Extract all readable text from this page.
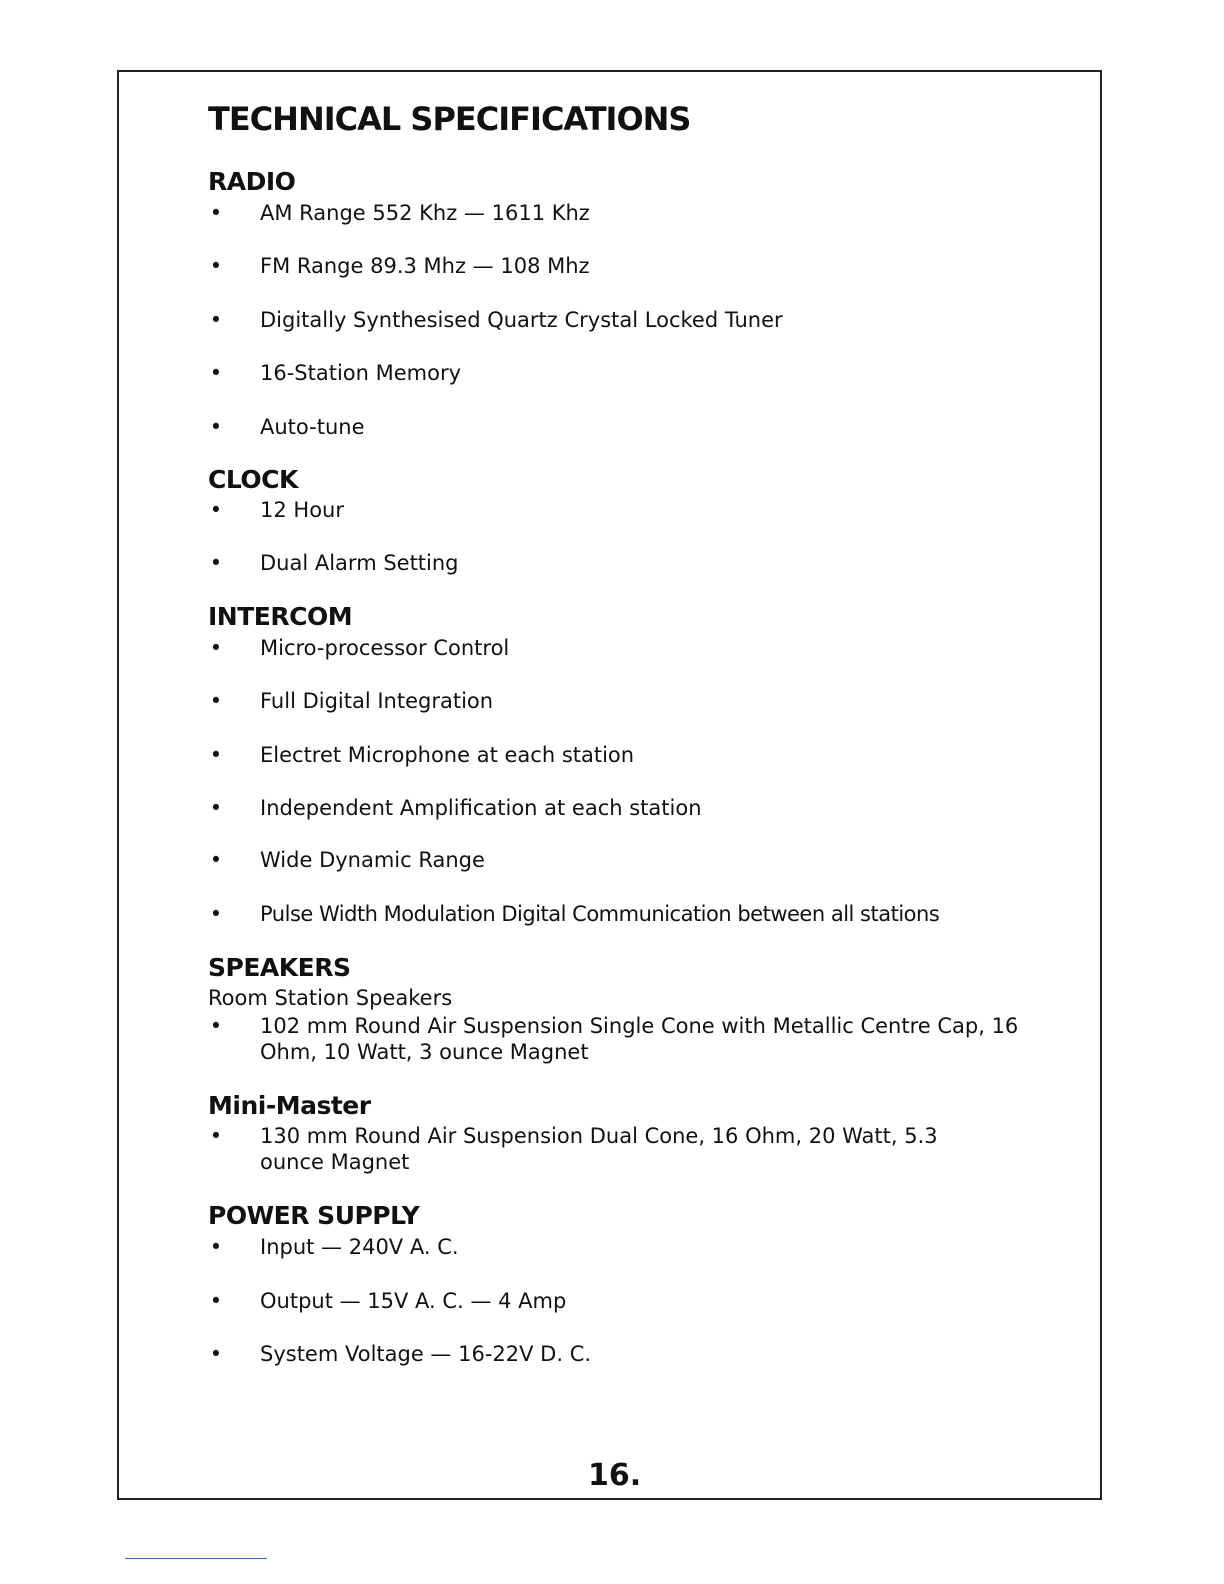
TECHNICAL SPECIFICATIONS
RADIO
• AM Range 552 Khz — 1611 Khz
• FM Range 89.3 Mhz — 108 Mhz
• Digitally Synthesised Quartz Crystal Locked Tuner
• 16-Station Memory
• Auto-tune
CLOCK
• 12 Hour
• Dual Alarm Setting
INTERCOM
• Micro-processor Control
• Full Digital Integration
• Electret Microphone at each station
• Independent Amplification at each station
• Wide Dynamic Range
• Pulse Width Modulation Digital Communication between all stations
SPEAKERS
Room Station Speakers
• 102 mm Round Air Suspension Single Cone with Metallic Centre Cap, 16 Ohm, 10 Watt, 3 ounce Magnet
Mini-Master
• 130 mm Round Air Suspension Dual Cone, 16 Ohm, 20 Watt, 5.3 ounce Magnet
POWER SUPPLY
• Input — 240V A. C.
• Output — 15V A. C. — 4 Amp
• System Voltage — 16-22V D. C.
16.
